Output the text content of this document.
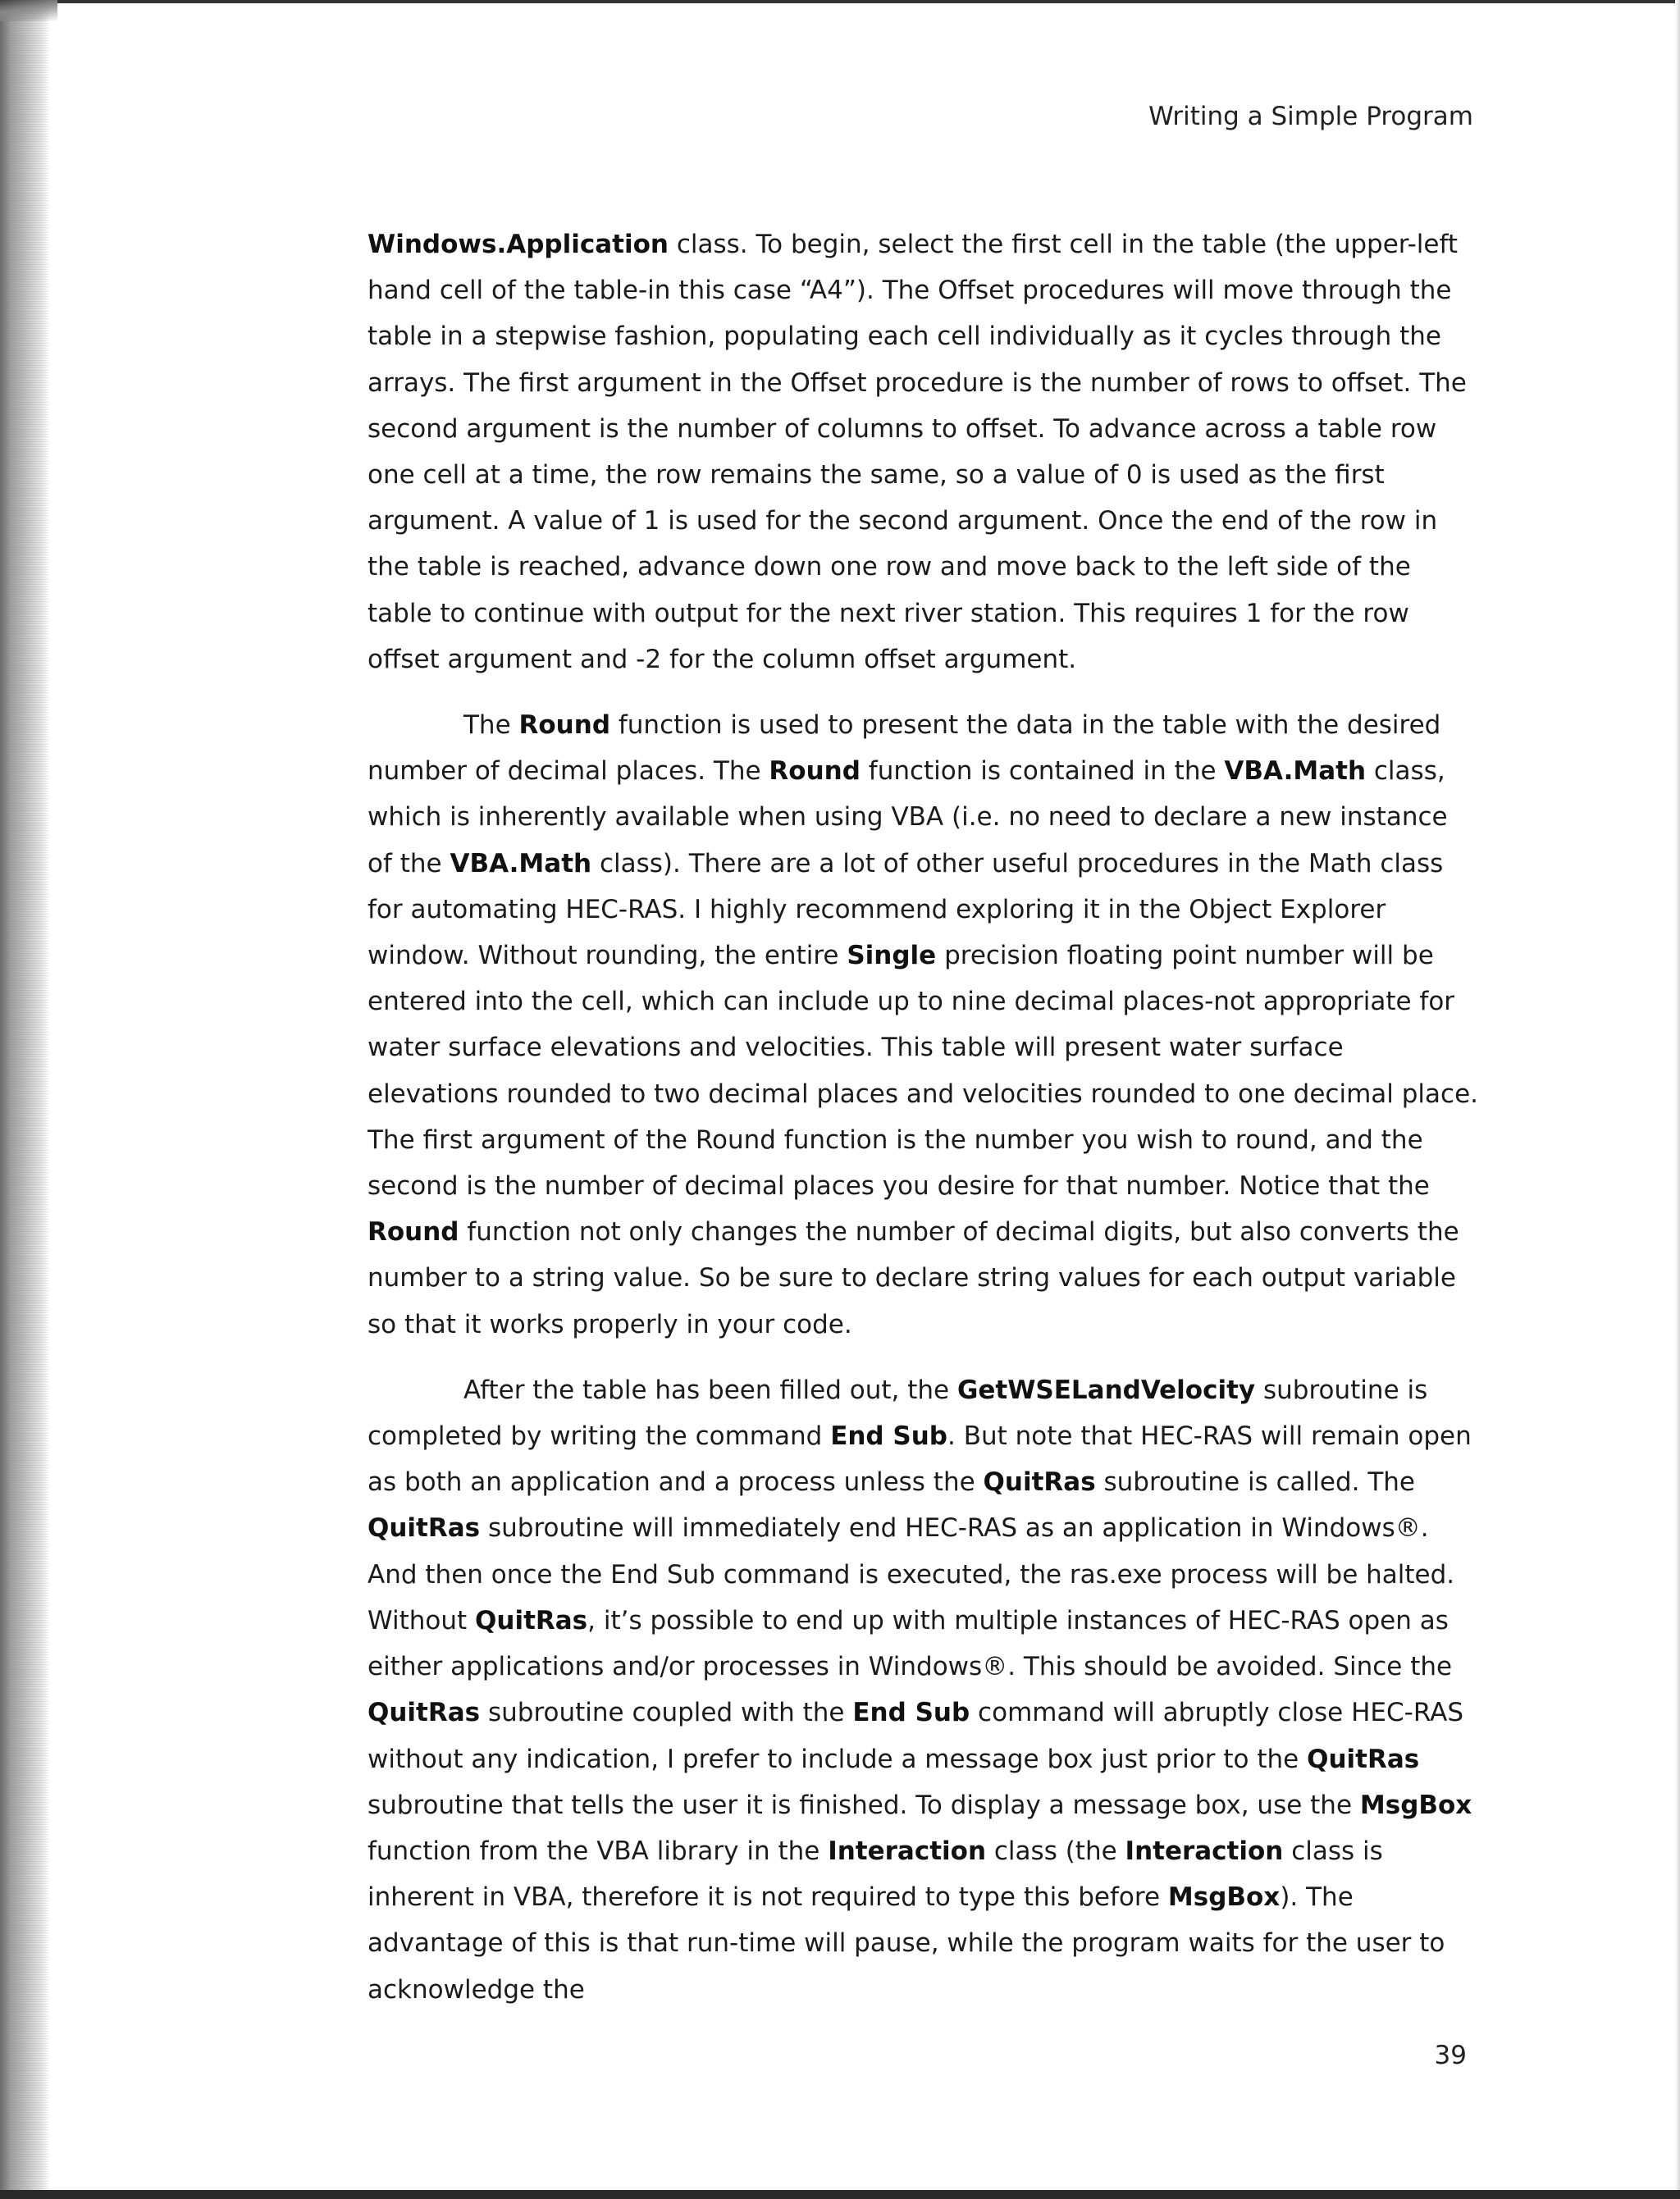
Writing a Simple Program

Windows.Application class. To begin, select the first cell in the table (the upper-left hand cell of the table-in this case “A4”). The Offset procedures will move through the table in a stepwise fashion, populating each cell individually as it cycles through the arrays. The first argument in the Offset procedure is the number of rows to offset. The second argument is the number of columns to offset. To advance across a table row one cell at a time, the row remains the same, so a value of 0 is used as the first argument. A value of 1 is used for the second argument. Once the end of the row in the table is reached, advance down one row and move back to the left side of the table to continue with output for the next river station. This requires 1 for the row offset argument and -2 for the column offset argument.

The Round function is used to present the data in the table with the desired number of decimal places. The Round function is contained in the VBA.Math class, which is inherently available when using VBA (i.e. no need to declare a new instance of the VBA.Math class). There are a lot of other useful procedures in the Math class for automating HEC-RAS. I highly recommend exploring it in the Object Explorer window. Without rounding, the entire Single precision floating point number will be entered into the cell, which can include up to nine decimal places-not appropriate for water surface elevations and velocities. This table will present water surface elevations rounded to two decimal places and velocities rounded to one decimal place. The first argument of the Round function is the number you wish to round, and the second is the number of decimal places you desire for that number. Notice that the Round function not only changes the number of decimal digits, but also converts the number to a string value. So be sure to declare string values for each output variable so that it works properly in your code.

After the table has been filled out, the GetWSELandVelocity subroutine is completed by writing the command End Sub. But note that HEC-RAS will remain open as both an application and a process unless the QuitRas subroutine is called. The QuitRas subroutine will immediately end HEC-RAS as an application in Windows®. And then once the End Sub command is executed, the ras.exe process will be halted. Without QuitRas, it’s possible to end up with multiple instances of HEC-RAS open as either applications and/or processes in Windows®. This should be avoided. Since the QuitRas subroutine coupled with the End Sub command will abruptly close HEC-RAS without any indication, I prefer to include a message box just prior to the QuitRas subroutine that tells the user it is finished. To display a message box, use the MsgBox function from the VBA library in the Interaction class (the Interaction class is inherent in VBA, therefore it is not required to type this before MsgBox). The advantage of this is that run-time will pause, while the program waits for the user to acknowledge the

39
